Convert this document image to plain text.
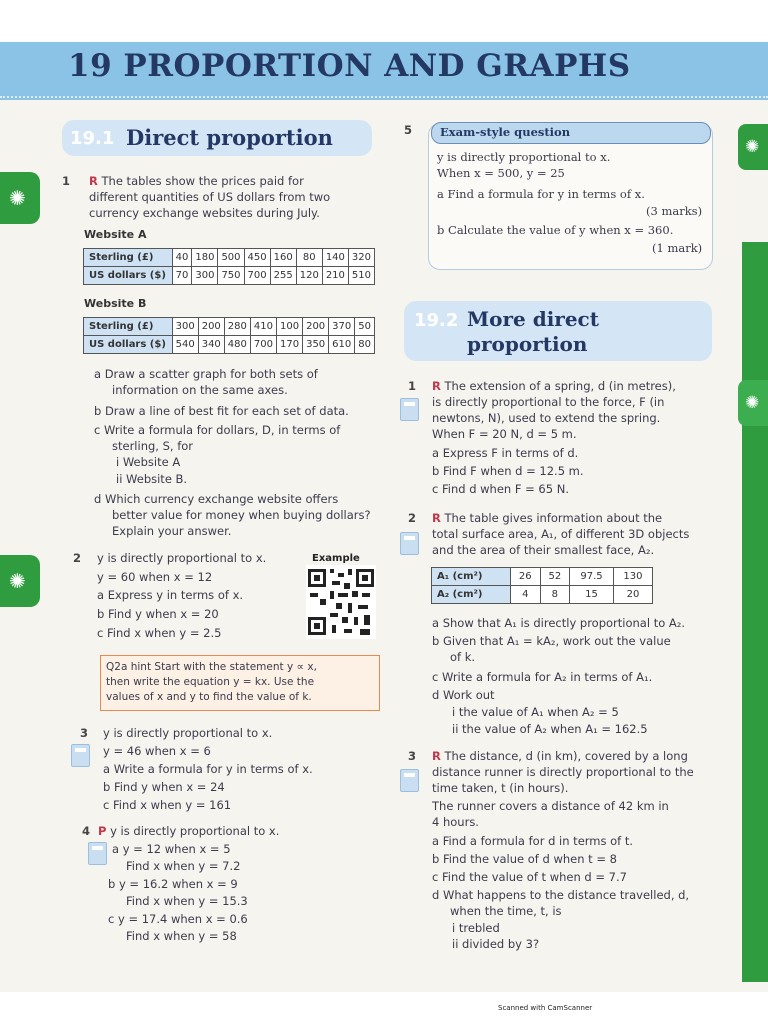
19 PROPORTION AND GRAPHS
✺
✺
✺
✺
19.1 Direct proportion
1 R The tables show the prices paid for
different quantities of US dollars from two
currency exchange websites during July.
Website A
Sterling (£)	40	180	500	450	160	80	140	320
US dollars ($)	70	300	750	700	255	120	210	510
Website B
Sterling (£)	300	200	280	410	100	200	370	50
US dollars ($)	540	340	480	700	170	350	610	80
a Draw a scatter graph for both sets of
information on the same axes.
b Draw a line of best fit for each set of data.
c Write a formula for dollars, D, in terms of
sterling, S, for
i Website A
ii Website B.
d Which currency exchange website offers
better value for money when buying dollars?
Explain your answer.
2 y is directly proportional to x.
y = 60 when x = 12
a Express y in terms of x.
b Find y when x = 20
c Find x when y = 2.5
Example
Q2a hint Start with the statement y ∝ x,
then write the equation y = kx. Use the
values of x and y to find the value of k.
3 y is directly proportional to x.
y = 46 when x = 6
a Write a formula for y in terms of x.
b Find y when x = 24
c Find x when y = 161
4 P y is directly proportional to x.
a y = 12 when x = 5
Find x when y = 7.2
b y = 16.2 when x = 9
Find x when y = 15.3
c y = 17.4 when x = 0.6
Find x when y = 58
5 Exam-style question
y is directly proportional to x.
When x = 500, y = 25
a Find a formula for y in terms of x.
(3 marks)
b Calculate the value of y when x = 360.
(1 mark)
19.2 More direct
proportion
1 R The extension of a spring, d (in metres),
is directly proportional to the force, F (in
newtons, N), used to extend the spring.
When F = 20 N, d = 5 m.
a Express F in terms of d.
b Find F when d = 12.5 m.
c Find d when F = 65 N.
2 R The table gives information about the
total surface area, A₁, of different 3D objects
and the area of their smallest face, A₂.
A₁ (cm²)	26	52	97.5	130
A₂ (cm²)	4	8	15	20
a Show that A₁ is directly proportional to A₂.
b Given that A₁ = kA₂, work out the value
of k.
c Write a formula for A₂ in terms of A₁.
d Work out
i the value of A₁ when A₂ = 5
ii the value of A₂ when A₁ = 162.5
3 R The distance, d (in km), covered by a long
distance runner is directly proportional to the
time taken, t (in hours).
The runner covers a distance of 42 km in
4 hours.
a Find a formula for d in terms of t.
b Find the value of d when t = 8
c Find the value of t when d = 7.7
d What happens to the distance travelled, d,
when the time, t, is
i trebled
ii divided by 3?
Scanned with CamScanner
